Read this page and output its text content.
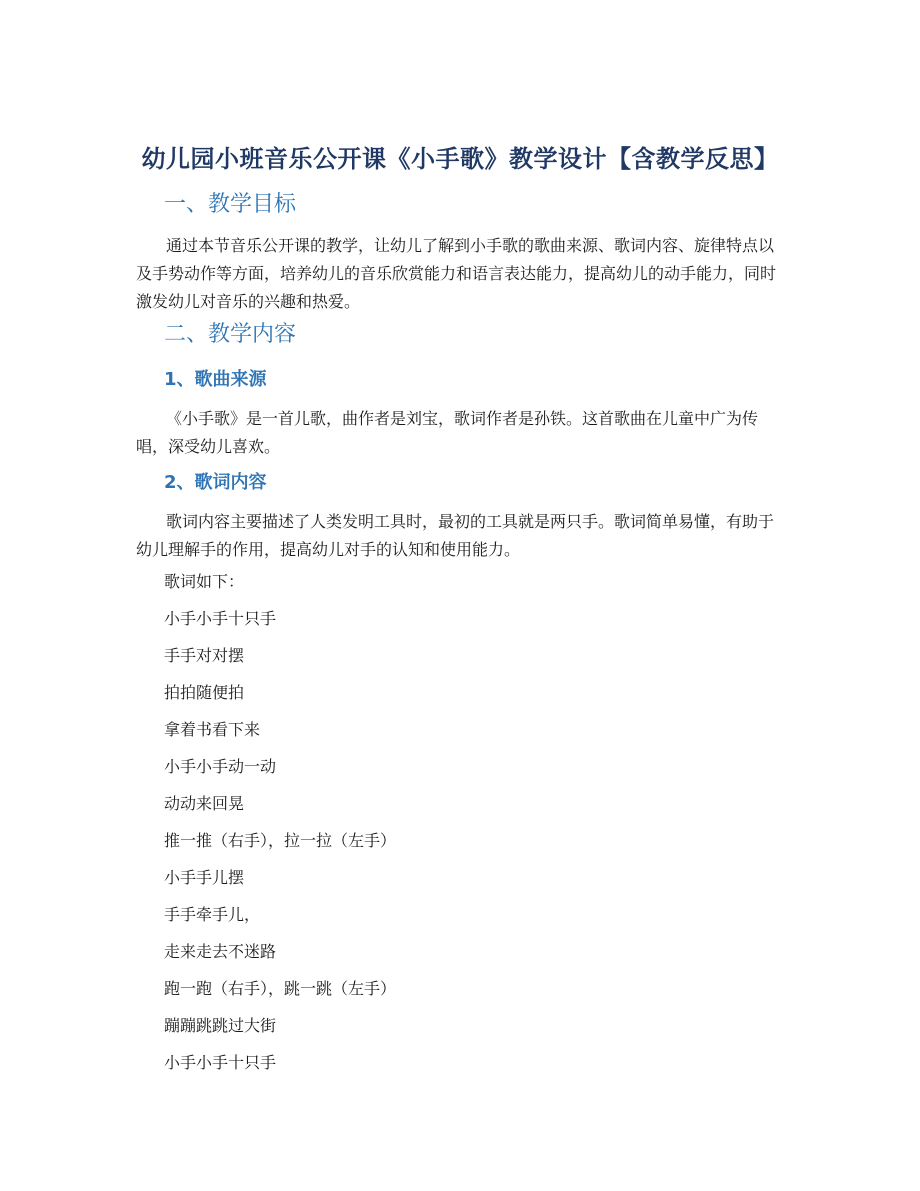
幼儿园小班音乐公开课《小手歌》教学设计【含教学反思】
一、教学目标

通过本节音乐公开课的教学，让幼儿了解到小手歌的歌曲来源、歌词内容、旋律特点以及手势动作等方面，培养幼儿的音乐欣赏能力和语言表达能力，提高幼儿的动手能力，同时激发幼儿对音乐的兴趣和热爱。

二、教学内容
1、歌曲来源

《小手歌》是一首儿歌，曲作者是刘宝，歌词作者是孙铁。这首歌曲在儿童中广为传唱，深受幼儿喜欢。

2、歌词内容

歌词内容主要描述了人类发明工具时，最初的工具就是两只手。歌词简单易懂，有助于幼儿理解手的作用，提高幼儿对手的认知和使用能力。

歌词如下：

小手小手十只手

手手对对摆

拍拍随便拍

拿着书看下来

小手小手动一动

动动来回晃

推一推（右手），拉一拉（左手）

小手手儿摆

手手牵手儿，

走来走去不迷路

跑一跑（右手），跳一跳（左手）

蹦蹦跳跳过大街

小手小手十只手
